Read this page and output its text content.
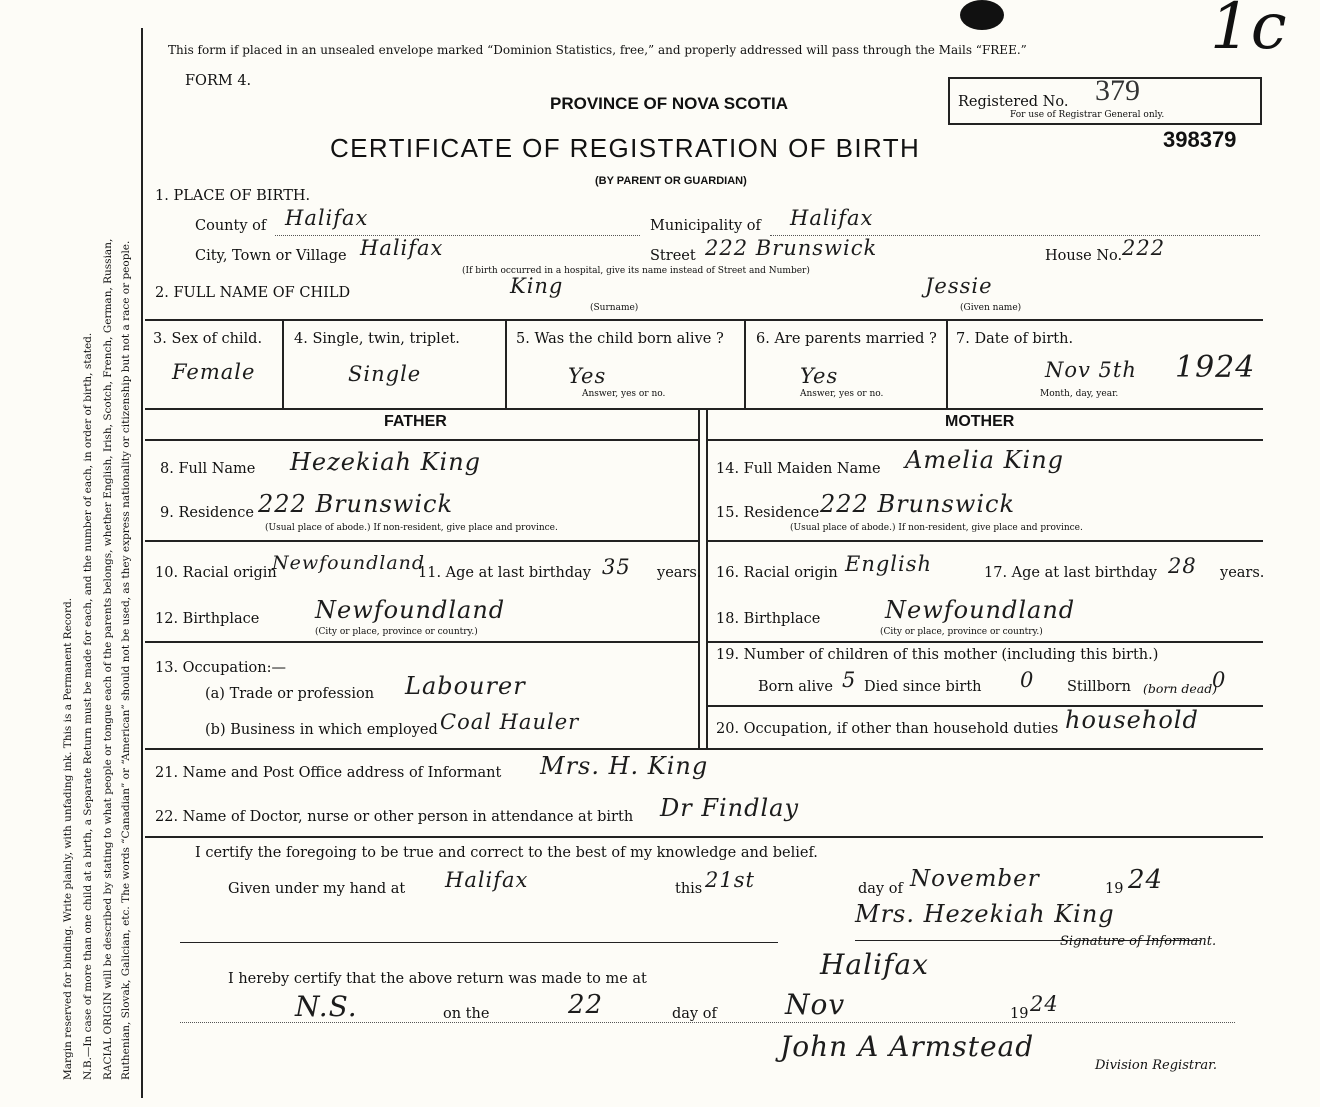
Margin reserved for binding. Write plainly, with unfading ink. This is a Permanent Record. N.B.—In case of more than one child at a birth, a Separate Return must be made for each, and the number of each, in order of birth, stated. RACIAL ORIGIN will be described by stating to what people or tongue each of the parents belongs, whether English, Irish, Scotch, French, German, Russian, Ruthenian, Slovak, Galician, etc. The words “Canadian” or “American” should not be used, as they express nationality or citizenship but not a race or people.
This form if placed in an unsealed envelope marked “Dominion Statistics, free,” and properly addressed will pass through the Mails “FREE.”
FORM 4.
PROVINCE OF NOVA SCOTIA
CERTIFICATE OF REGISTRATION OF BIRTH
(BY PARENT OR GUARDIAN)
Registered No. 379
For use of Registrar General only.
398379
1c
1. PLACE OF BIRTH.
County of Halifax	Municipality of Halifax
City, Town or Village Halifax	Street 222 Brunswick	House No. 222
(If birth occurred in a hospital, give its name instead of Street and Number)
2. FULL NAME OF CHILD	King
(Surname)
Jessie
(Given name)
3. Sex of child.
Female
4. Single, twin, triplet.
Single
5. Was the child born alive ?
Yes
Answer, yes or no.
6. Are parents married ?
Yes
Answer, yes or no.
7. Date of birth.
Nov 5th 1924
Month, day, year.
FATHER	MOTHER
8. Full Name Hezekiah King
9. Residence 222 Brunswick
(Usual place of abode.) If non-resident, give place and province.
10. Racial origin
Newfoundland
11. Age at last birthday 35 years.
12. Birthplace Newfoundland
(City or place, province or country.)
13. Occupation:—
(a) Trade or profession Labourer
(b) Business in which employed Coal Hauler
14. Full Maiden Name Amelia King
15. Residence 222 Brunswick
(Usual place of abode.) If non-resident, give place and province.
16. Racial origin English	17. Age at last birthday 28 years.
18. Birthplace	Newfoundland
(City or place, province or country.)
19. Number of children of this mother (including this birth.)
Born alive 5 Died since birth 0 Stillborn (born dead)
0
20. Occupation, if other than household duties household
21. Name and Post Office address of Informant Mrs. H. King
22. Name of Doctor, nurse or other person in attendance at birth Dr Findlay
I certify the foregoing to be true and correct to the best of my knowledge and belief.
Given under my hand at Halifax	this 21st	day of November	19 24
Mrs. Hezekiah King
Signature of Informant.
I hereby certify that the above return was made to me at	Halifax
N.S.	on the	22	day of Nov	19 24
John A Armstead
Division Registrar.
